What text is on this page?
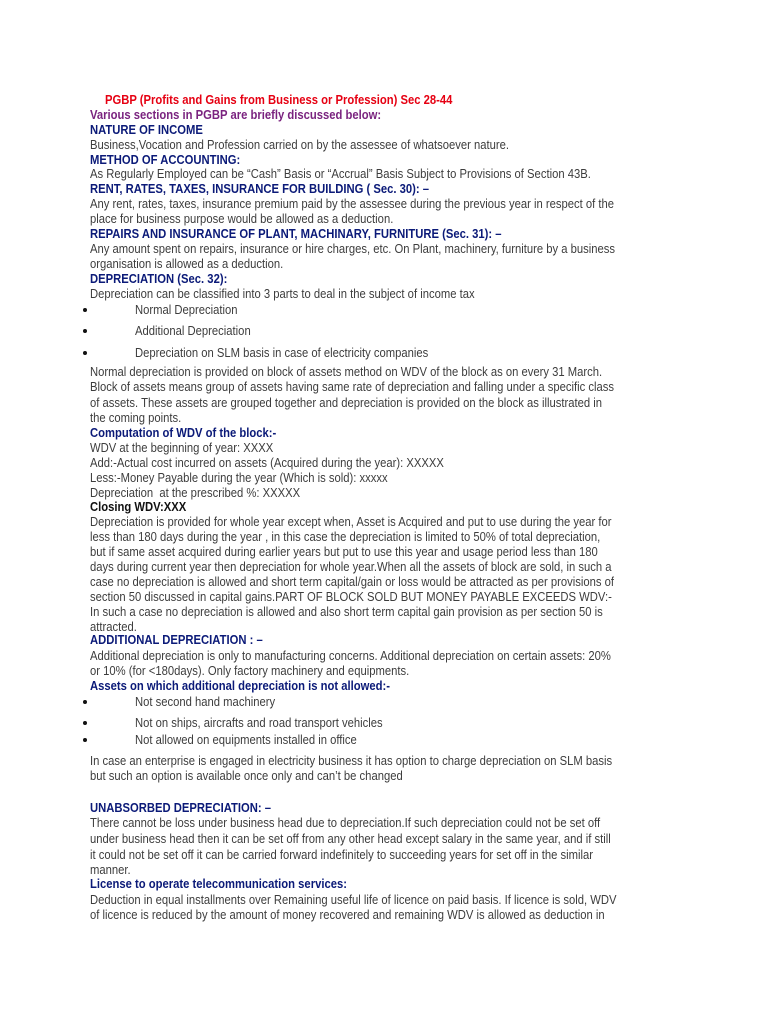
PGBP (Profits and Gains from Business or Profession) Sec 28-44
Various sections in PGBP are briefly discussed below:
NATURE OF INCOME
Business,Vocation and Profession carried on by the assessee of whatsoever nature.
METHOD OF ACCOUNTING:
As Regularly Employed can be “Cash” Basis or “Accrual” Basis Subject to Provisions of Section 43B.
RENT, RATES, TAXES, INSURANCE FOR BUILDING ( Sec. 30): –
Any rent, rates, taxes, insurance premium paid by the assessee during the previous year in respect of the
place for business purpose would be allowed as a deduction.
REPAIRS AND INSURANCE OF PLANT, MACHINARY, FURNITURE (Sec. 31): –
Any amount spent on repairs, insurance or hire charges, etc. On Plant, machinery, furniture by a business
organisation is allowed as a deduction.
DEPRECIATION (Sec. 32):
Depreciation can be classified into 3 parts to deal in the subject of income tax
Normal Depreciation
Additional Depreciation
Depreciation on SLM basis in case of electricity companies
Normal depreciation is provided on block of assets method on WDV of the block as on every 31 March.
Block of assets means group of assets having same rate of depreciation and falling under a specific class
of assets. These assets are grouped together and depreciation is provided on the block as illustrated in
the coming points.
Computation of WDV of the block:-
WDV at the beginning of year: XXXX
Add:-Actual cost incurred on assets (Acquired during the year): XXXXX
Less:-Money Payable during the year (Which is sold): xxxxx
Depreciation  at the prescribed %: XXXXX
Closing WDV:XXX
Depreciation is provided for whole year except when, Asset is Acquired and put to use during the year for
less than 180 days during the year , in this case the depreciation is limited to 50% of total depreciation,
but if same asset acquired during earlier years but put to use this year and usage period less than 180
days during current year then depreciation for whole year.When all the assets of block are sold, in such a
case no depreciation is allowed and short term capital/gain or loss would be attracted as per provisions of
section 50 discussed in capital gains.PART OF BLOCK SOLD BUT MONEY PAYABLE EXCEEDS WDV:-
In such a case no depreciation is allowed and also short term capital gain provision as per section 50 is
attracted.
ADDITIONAL DEPRECIATION : –
Additional depreciation is only to manufacturing concerns. Additional depreciation on certain assets: 20%
or 10% (for <180days). Only factory machinery and equipments.
Assets on which additional depreciation is not allowed:-
Not second hand machinery
Not on ships, aircrafts and road transport vehicles
Not allowed on equipments installed in office
In case an enterprise is engaged in electricity business it has option to charge depreciation on SLM basis
but such an option is available once only and can’t be changed
UNABSORBED DEPRECIATION: –
There cannot be loss under business head due to depreciation.If such depreciation could not be set off
under business head then it can be set off from any other head except salary in the same year, and if still
it could not be set off it can be carried forward indefinitely to succeeding years for set off in the similar
manner.
License to operate telecommunication services:
Deduction in equal installments over Remaining useful life of licence on paid basis. If licence is sold, WDV
of licence is reduced by the amount of money recovered and remaining WDV is allowed as deduction in
